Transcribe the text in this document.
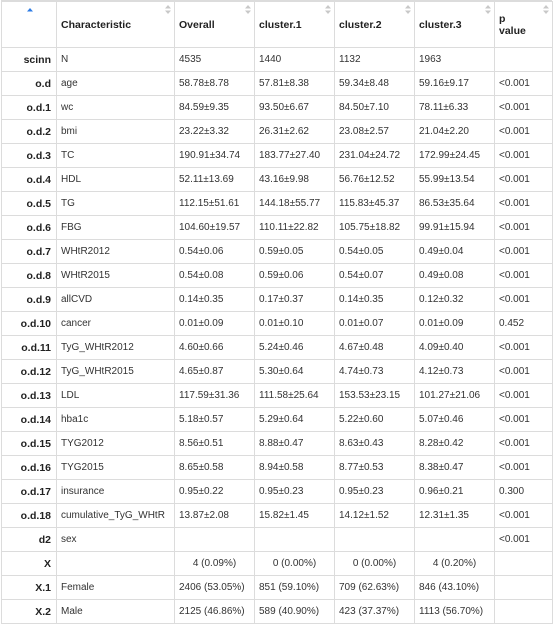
	Characteristic	Overall	cluster.1	cluster.2	cluster.3	p value

scinn	N	4535	1440	1132	1963	
o.d	age	58.78±8.78	57.81±8.38	59.34±8.48	59.16±9.17	<0.001
o.d.1	wc	84.59±9.35	93.50±6.67	84.50±7.10	78.11±6.33	<0.001
o.d.2	bmi	23.22±3.32	26.31±2.62	23.08±2.57	21.04±2.20	<0.001
o.d.3	TC	190.91±34.74	183.77±27.40	231.04±24.72	172.99±24.45	<0.001
o.d.4	HDL	52.11±13.69	43.16±9.98	56.76±12.52	55.99±13.54	<0.001
o.d.5	TG	112.15±51.61	144.18±55.77	115.83±45.37	86.53±35.64	<0.001
o.d.6	FBG	104.60±19.57	110.11±22.82	105.75±18.82	99.91±15.94	<0.001
o.d.7	WHtR2012	0.54±0.06	0.59±0.05	0.54±0.05	0.49±0.04	<0.001
o.d.8	WHtR2015	0.54±0.08	0.59±0.06	0.54±0.07	0.49±0.08	<0.001
o.d.9	allCVD	0.14±0.35	0.17±0.37	0.14±0.35	0.12±0.32	<0.001
o.d.10	cancer	0.01±0.09	0.01±0.10	0.01±0.07	0.01±0.09	0.452
o.d.11	TyG_WHtR2012	4.60±0.66	5.24±0.46	4.67±0.48	4.09±0.40	<0.001
o.d.12	TyG_WHtR2015	4.65±0.87	5.30±0.64	4.74±0.73	4.12±0.73	<0.001
o.d.13	LDL	117.59±31.36	111.58±25.64	153.53±23.15	101.27±21.06	<0.001
o.d.14	hba1c	5.18±0.57	5.29±0.64	5.22±0.60	5.07±0.46	<0.001
o.d.15	TYG2012	8.56±0.51	8.88±0.47	8.63±0.43	8.28±0.42	<0.001
o.d.16	TYG2015	8.65±0.58	8.94±0.58	8.77±0.53	8.38±0.47	<0.001
o.d.17	insurance	0.95±0.22	0.95±0.23	0.95±0.23	0.96±0.21	0.300
o.d.18	cumulative_TyG_WHtR	13.87±2.08	15.82±1.45	14.12±1.52	12.31±1.35	<0.001
d2	sex					<0.001
X		4 (0.09%)	0 (0.00%)	0 (0.00%)	4 (0.20%)	
X.1	Female	2406 (53.05%)	851 (59.10%)	709 (62.63%)	846 (43.10%)	
X.2	Male	2125 (46.86%)	589 (40.90%)	423 (37.37%)	1113 (56.70%)	
